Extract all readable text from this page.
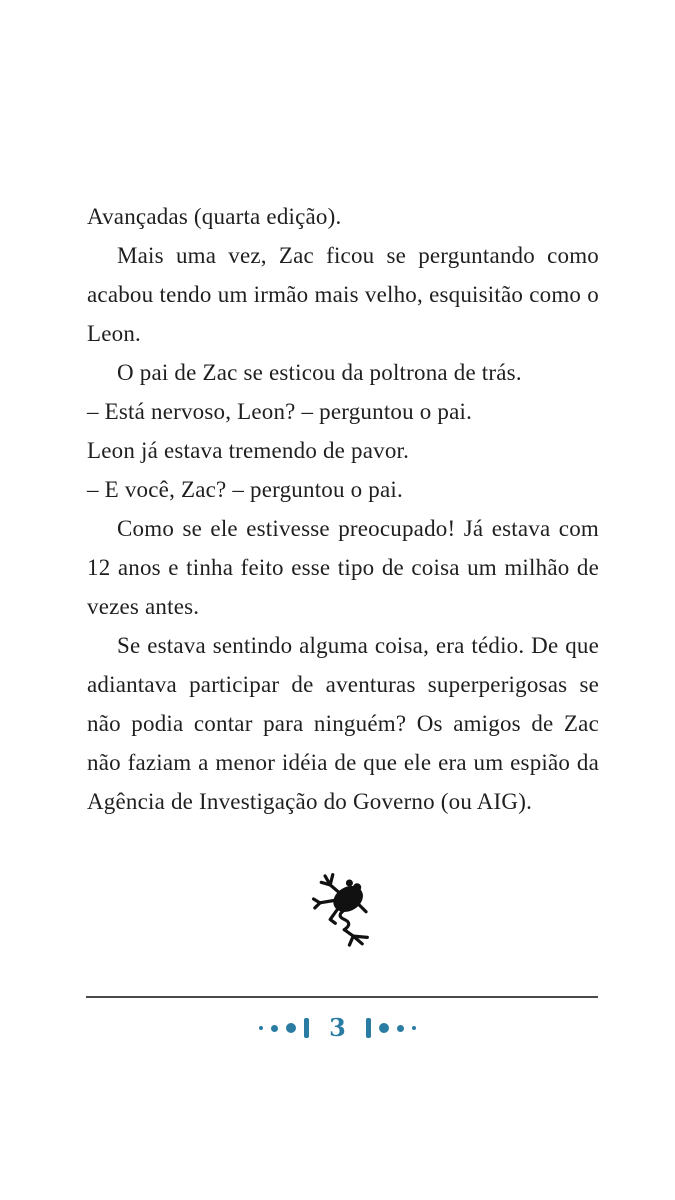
Avançadas (quarta edição).

Mais uma vez, Zac ficou se perguntando como acabou tendo um irmão mais velho, esquisitão como o Leon.

O pai de Zac se esticou da poltrona de trás.

– Está nervoso, Leon? – perguntou o pai.

Leon já estava tremendo de pavor.

– E você, Zac? – perguntou o pai.

Como se ele estivesse preocupado! Já estava com 12 anos e tinha feito esse tipo de coisa um milhão de vezes antes.

Se estava sentindo alguma coisa, era tédio. De que adiantava participar de aventuras superperigosas se não podia contar para ninguém? Os amigos de Zac não faziam a menor idéia de que ele era um espião da Agência de Investigação do Governo (ou AIG).

3
